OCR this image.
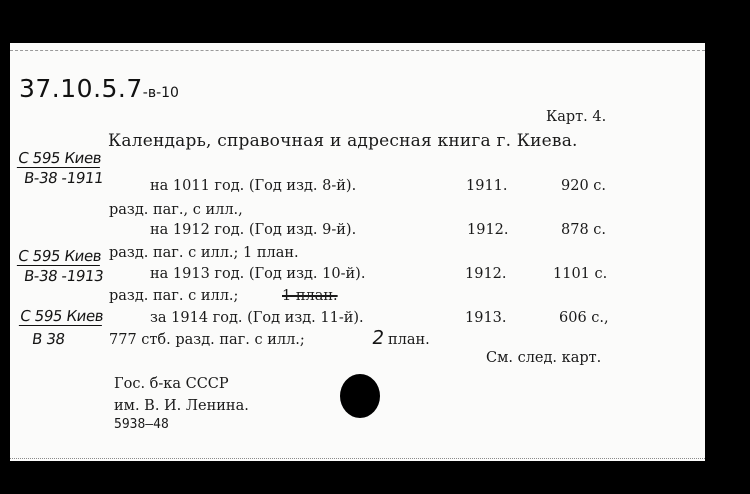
37.10.5.7-в-10
Карт. 4.
Календарь, справочная и адресная книга г. Киева.
С 595 Киев
В-38 -1911
С 595 Киев
В-38 -1913
С 595 Киев
В 38
на 1011 год. (Год изд. 8-й).	1911.	920 с.
разд. паг., с илл.,
на 1912 год. (Год изд. 9-й).	1912.	878 с.
разд. паг. с илл.; 1 план.
на 1913 год. (Год изд. 10-й).	1912.	1101 с.
разд. паг. с илл.;	1 план.
за 1914 год. (Год изд. 11-й).	1913.	606 с.,
777 стб. разд. паг. с илл.;	2 план.
См. след. карт.
Гос. б-ка СССР
им. В. И. Ленина.
5938—48
